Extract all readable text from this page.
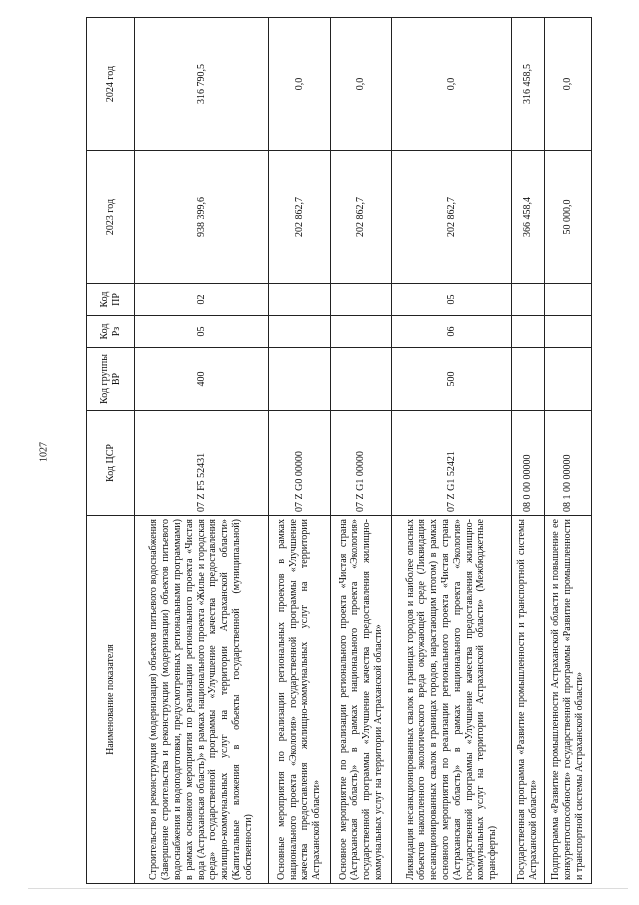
1027
Наименование показателя	Код ЦСР	Код группы ВР	Код Рз	Код ПР	2023 год	2024 год
Строительство и реконструкция (модернизация) объектов питьевого водоснабжения (Завершение строительства и реконструкции (модернизации) объектов питьевого водоснабжения и водоподготовки, предусмотренных региональными программами) в рамках основного мероприятия по реализации регионального проекта «Чистая вода (Астраханская область)» в рамках национального проекта «Жилье и городская среда» государственной программы «Улучшение качества предоставления жилищно-коммунальных услуг на территории Астраханской области» (Капитальные вложения в объекты государственной (муниципальной) собственности)	07 Z F5 52431	400	05	02	938 399,6	316 790,5
Основные мероприятия по реализации региональных проектов в рамках национального проекта «Экология» государственной программы «Улучшение качества предоставления жилищно-коммунальных услуг на территории Астраханской области»	07 Z G0 00000				202 862,7	0,0
Основное мероприятие по реализации регионального проекта «Чистая страна (Астраханская область)» в рамках национального проекта «Экология» государственной программы «Улучшение качества предоставления жилищно-коммунальных услуг на территории Астраханской области»	07 Z G1 00000				202 862,7	0,0
Ликвидация несанкционированных свалок в границах городов и наиболее опасных объектов накопленного экологического вреда окружающей среде (Ликвидация несанкционированных свалок в границах городов, нарастающим итогом) в рамках основного мероприятия по реализации регионального проекта «Чистая страна (Астраханская область)» в рамках национального проекта «Экология» государственной программы «Улучшение качества предоставления жилищно-коммунальных услуг на территории Астраханской области» (Межбюджетные трансферты)	07 Z G1 52421	500	06	05	202 862,7	0,0
Государственная программа «Развитие промышленности и транспортной системы Астраханской области»	08 0 00 00000				366 458,4	316 458,5
Подпрограмма «Развитие промышленности Астраханской области и повышение ее конкурентоспособности» государственной программы «Развитие промышленности и транспортной системы Астраханской области»	08 1 00 00000				50 000,0	0,0
